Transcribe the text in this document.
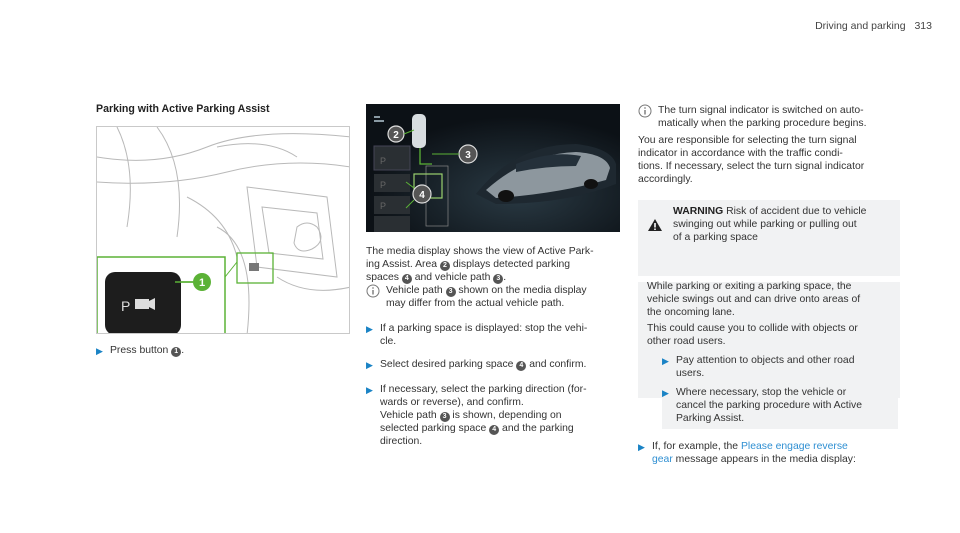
Driving and parking 313
Parking with Active Parking Assist
P
1
▶ Press button 1 .
P
P
P
2
3
4
The media display shows the view of Active Park-
ing Assist. Area 2 displays detected parking
spaces 4 and vehicle path 3 .
Vehicle path 3 shown on the media display
may differ from the actual vehicle path.
▶ If a parking space is displayed: stop the vehi-
cle.
▶ Select desired parking space 4 and confirm.
▶ If necessary, select the parking direction (for-
wards or reverse), and confirm.
Vehicle path 3 is shown, depending on
selected parking space 4 and the parking
direction.
The turn signal indicator is switched on auto-
matically when the parking procedure begins.
You are responsible for selecting the turn signal
indicator in accordance with the traffic condi-
tions. If necessary, select the turn signal indicator
accordingly.
WARNING Risk of accident due to vehicle
swinging out while parking or pulling out
of a parking space
While parking or exiting a parking space, the
vehicle swings out and can drive onto areas of
the oncoming lane.
This could cause you to collide with objects or
other road users.
▶ Pay attention to objects and other road
users.
▶ Where necessary, stop the vehicle or
cancel the parking procedure with Active
Parking Assist.
▶ If, for example, the Please engage reverse
gear message appears in the media display:
